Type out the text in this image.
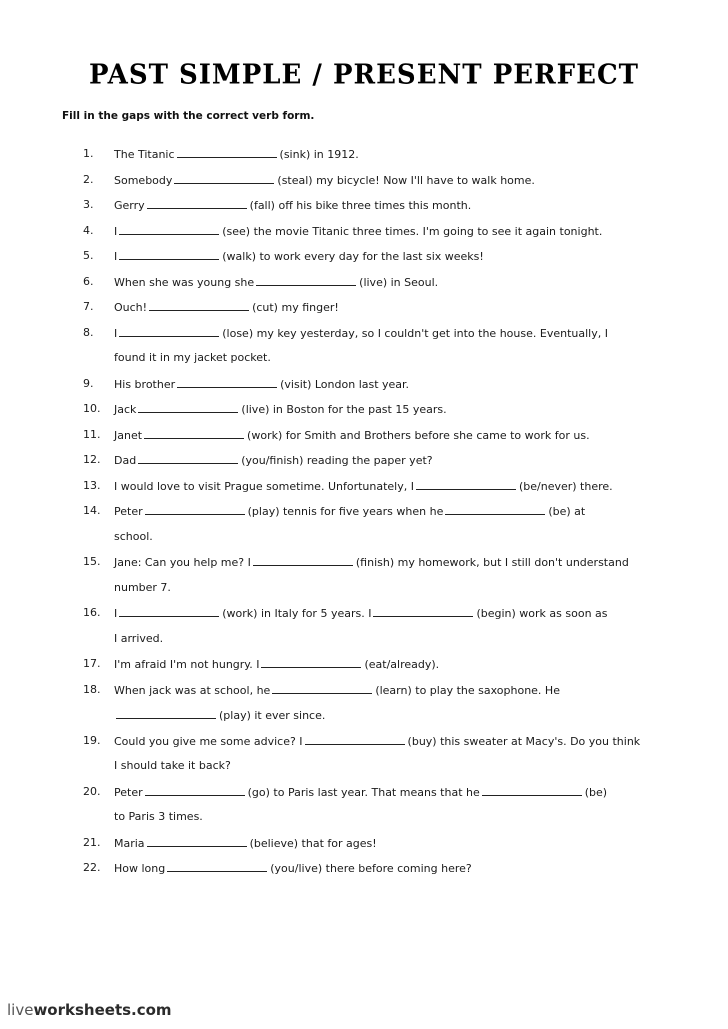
PAST SIMPLE / PRESENT PERFECT
Fill in the gaps with the correct verb form.
1. The Titanic	(sink) in 1912.
2. Somebody	(steal) my bicycle! Now I'll have to walk home.
3. Gerry	(fall) off his bike three times this month.
4. I	(see) the movie Titanic three times. I'm going to see it again tonight.
5. I	(walk) to work every day for the last six weeks!
6. When she was young she	(live) in Seoul.
7. Ouch!	(cut) my finger!
8. I	(lose) my key yesterday, so I couldn't get into the house. Eventually, I
found it in my jacket pocket.
9. His brother	(visit) London last year.
10. Jack	(live) in Boston for the past 15 years.
11. Janet	(work) for Smith and Brothers before she came to work for us.
12. Dad	(you/finish) reading the paper yet?
13. I would love to visit Prague sometime. Unfortunately, I	(be/never) there.
14. Peter	(play) tennis for five years when he	(be) at
school.
15. Jane: Can you help me? I	(finish) my homework, but I still don't understand
number 7.
16. I	(work) in Italy for 5 years. I	(begin) work as soon as
I arrived.
17. I'm afraid I'm not hungry. I	(eat/already).
18. When jack was at school, he	(learn) to play the saxophone. He
(play) it ever since.
19. Could you give me some advice? I	(buy) this sweater at Macy's. Do you think
I should take it back?
20. Peter	(go) to Paris last year. That means that he	(be)
to Paris 3 times.
21. Maria	(believe) that for ages!
22. How long	(you/live) there before coming here?
liveworksheets.com
